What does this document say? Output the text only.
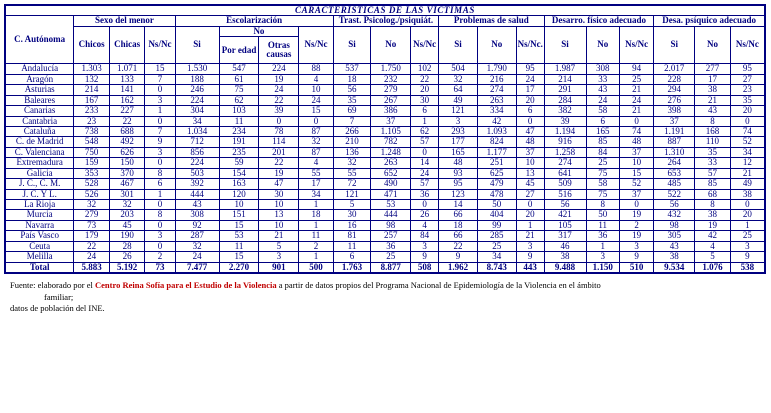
CARACTERÍSTICAS DE LAS VÍCTIMAS																			
C. Autónoma	Sexo del menor			Escolarización				Trast. Psicolog./psiquiát.			Problemas de salud			Desarro. físico adecuado			Desa. psíquico adecuado		
	Chicos	Chicas	Ns/Nc	Si	No		Ns/Nc	Si	No	Ns/Nc	Si	No	Ns/Nc.	Si	No	Ns/Nc	Si	No	Ns/Nc
					Por edad	Otras causas													
Andalucía	1.303	1.071	15	1.530	547	224	88	537	1.750	102	504	1.790	95	1.987	308	94	2.017	277	95
Aragón	132	133	7	188	61	19	4	18	232	22	32	216	24	214	33	25	228	17	27
Asturias	214	141	0	246	75	24	10	56	279	20	64	274	17	291	43	21	294	38	23
Baleares	167	162	3	224	62	22	24	35	267	30	49	263	20	284	24	24	276	21	35
Canarias	233	227	1	304	103	39	15	69	386	6	121	334	6	382	58	21	398	43	20
Cantabria	23	22	0	34	11	0	0	7	37	1	3	42	0	39	6	0	37	8	0
Cataluña	738	688	7	1.034	234	78	87	266	1.105	62	293	1.093	47	1.194	165	74	1.191	168	74
C. de Madrid	548	492	9	712	191	114	32	210	782	57	177	824	48	916	85	48	887	110	52
C. Valenciana	750	626	3	856	235	201	87	136	1.248	0	165	1.177	37	1.258	84	37	1.310	35	34
Extremadura	159	150	0	224	59	22	4	32	263	14	48	251	10	274	25	10	264	33	12
Galicia	353	370	8	503	154	19	55	55	652	24	93	625	13	641	75	15	653	57	21
J. C., C. M.	528	467	6	392	163	47	17	72	490	57	95	479	45	509	58	52	485	85	49
J. C. Y L.	526	301	1	444	120	30	34	121	471	36	123	478	27	516	75	37	522	68	38
La Rioja	32	32	0	43	10	10	1	5	53	0	14	50	0	56	8	0	56	8	0
Murcia	279	203	8	308	151	13	18	30	444	26	66	404	20	421	50	19	432	38	20
Navarra	73	45	0	92	15	10	1	16	98	4	18	99	1	105	11	2	98	19	1
País Vasco	179	190	3	287	53	21	11	81	257	84	66	285	21	317	36	19	305	42	25
Ceuta	22	28	0	32	11	5	2	11	36	3	22	25	3	46	1	3	43	4	3
Melilla	24	26	2	24	15	3	1	6	25	9	9	34	9	38	3	9	38	5	9
Total	5.883	5.192	73	7.477	2.270	901	500	1.763	8.877	508	1.962	8.743	443	9.488	1.150	510	9.534	1.076	538
Fuente: elaborado por el Centro Reina Sofía para el Estudio de la Violencia a partir de datos propios del Programa Nacional de Epidemiología de la Violencia en el ámbito
familiar;
datos de población del INE.
